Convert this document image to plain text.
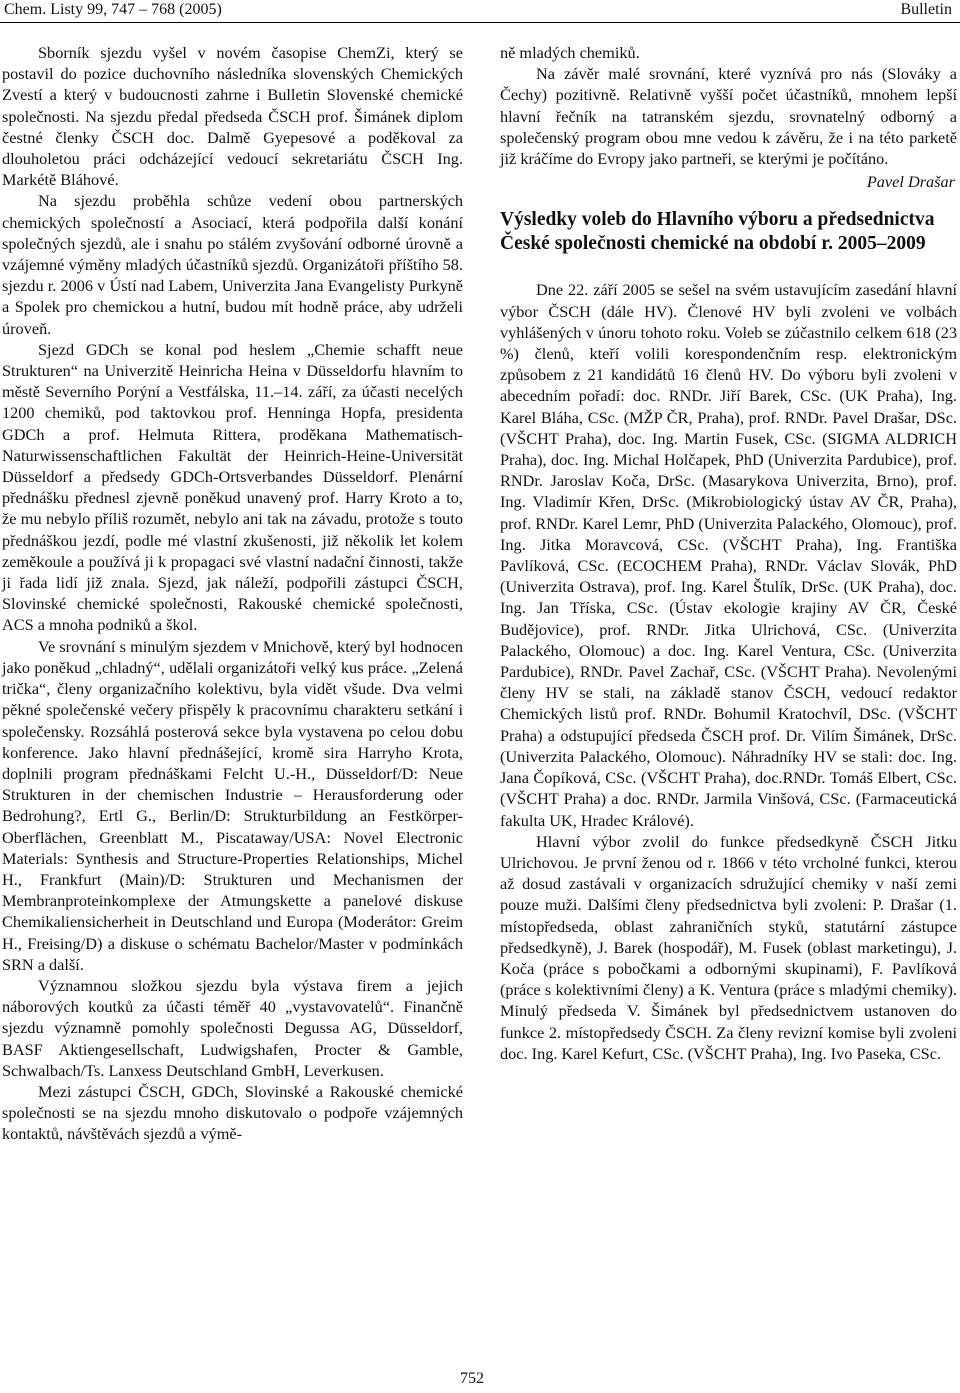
Chem. Listy 99, 747 – 768 (2005)	Bulletin

Sborník sjezdu vyšel v novém časopise ChemZi, který se postavil do pozice duchovního následníka slovenských Chemických Zvestí a který v budoucnosti zahrne i Bulletin Slovenské chemické společnosti. Na sjezdu předal předseda ČSCH prof. Šimánek diplom čestné členky ČSCH doc. Dalmě Gyepesové a poděkoval za dlouholetou práci odcházející vedoucí sekretariátu ČSCH Ing. Markétě Bláhové.

Na sjezdu proběhla schůze vedení obou partnerských chemických společností a Asociací, která podpořila další konání společných sjezdů, ale i snahu po stálém zvyšování odborné úrovně a vzájemné výměny mladých účastníků sjezdů. Organizátoři příštího 58. sjezdu r. 2006 v Ústí nad Labem, Univerzita Jana Evangelisty Purkyně a Spolek pro chemickou a hutní, budou mít hodně práce, aby udrželi úroveň.

Sjezd GDCh se konal pod heslem „Chemie schafft neue Strukturen“ na Univerzitě Heinricha Heina v Düsseldorfu hlavním to městě Severního Porýní a Vestfálska, 11.–14. září, za účasti necelých 1200 chemiků, pod taktovkou prof. Henninga Hopfa, presidenta GDCh a prof. Helmuta Rittera, proděkana Mathematisch-Naturwissenschaftlichen Fakultät der Heinrich-Heine-Universität Düsseldorf a předsedy GDCh-Ortsverbandes Düsseldorf. Plenární přednášku přednesl zjevně poněkud unavený prof. Harry Kroto a to, že mu nebylo příliš rozumět, nebylo ani tak na závadu, protože s touto přednáškou jezdí, podle mé vlastní zkušenosti, již několik let kolem zeměkoule a používá ji k propagaci své vlastní nadační činnosti, takže ji řada lidí již znala. Sjezd, jak náleží, podpořili zástupci ČSCH, Slovinské chemické společnosti, Rakouské chemické společnosti, ACS a mnoha podniků a škol.

Ve srovnání s minulým sjezdem v Mnichově, který byl hodnocen jako poněkud „chladný“, udělali organizátoři velký kus práce. „Zelená trička“, členy organizačního kolektivu, byla vidět všude. Dva velmi pěkné společenské večery přispěly k pracovnímu charakteru setkání i společensky. Rozsáhlá posterová sekce byla vystavena po celou dobu konference. Jako hlavní přednášející, kromě sira Harryho Krota, doplnili program přednáškami Felcht U.-H., Düsseldorf/D: Neue Strukturen in der chemischen Industrie – Herausforderung oder Bedrohung?, Ertl G., Berlin/D: Strukturbildung an Festkörper-Oberflächen, Greenblatt M., Piscataway/USA: Novel Electronic Materials: Synthesis and Structure-Properties Relationships, Michel H., Frankfurt (Main)/D: Strukturen und Mechanismen der Membranproteinkomplexe der Atmungskette a panelové diskuse Chemikaliensicherheit in Deutschland und Europa (Moderátor: Greim H., Freising/D) a diskuse o schématu Bachelor/Master v podmínkách SRN a další.

Významnou složkou sjezdu byla výstava firem a jejich náborových koutků za účasti téměř 40 „vystavovatelů“. Finančně sjezdu významně pomohly společnosti Degussa AG, Düsseldorf, BASF Aktiengesellschaft, Ludwigshafen, Procter & Gamble, Schwalbach/Ts. Lanxess Deutschland GmbH, Leverkusen.

Mezi zástupci ČSCH, GDCh, Slovinské a Rakouské chemické společnosti se na sjezdu mnoho diskutovalo o podpoře vzájemných kontaktů, návštěvách sjezdů a výmě-

ně mladých chemiků.

Na závěr malé srovnání, které vyznívá pro nás (Slováky a Čechy) pozitivně. Relativně vyšší počet účastníků, mnohem lepší hlavní řečník na tatranském sjezdu, srovnatelný odborný a společenský program obou mne vedou k závěru, že i na této parketě již kráčíme do Evropy jako partneři, se kterými je počítáno.

Pavel Drašar
Výsledky voleb do Hlavního výboru a předsednictva České společnosti chemické na období r. 2005–2009

Dne 22. září 2005 se sešel na svém ustavujícím zasedání hlavní výbor ČSCH (dále HV). Členové HV byli zvoleni ve volbách vyhlášených v únoru tohoto roku. Voleb se zúčastnilo celkem 618 (23 %) členů, kteří volili korespondenčním resp. elektronickým způsobem z 21 kandidátů 16 členů HV. Do výboru byli zvoleni v abecedním pořadí: doc. RNDr. Jiří Barek, CSc. (UK Praha), Ing. Karel Bláha, CSc. (MŽP ČR, Praha), prof. RNDr. Pavel Drašar, DSc. (VŠCHT Praha), doc. Ing. Martin Fusek, CSc. (SIGMA ALDRICH Praha), doc. Ing. Michal Holčapek, PhD (Univerzita Pardubice), prof. RNDr. Jaroslav Koča, DrSc. (Masarykova Univerzita, Brno), prof. Ing. Vladimír Křen, DrSc. (Mikrobiologický ústav AV ČR, Praha), prof. RNDr. Karel Lemr, PhD (Univerzita Palackého, Olomouc), prof. Ing. Jitka Moravcová, CSc. (VŠCHT Praha), Ing. Františka Pavlíková, CSc. (ECOCHEM Praha), RNDr. Václav Slovák, PhD (Univerzita Ostrava), prof. Ing. Karel Štulík, DrSc. (UK Praha), doc. Ing. Jan Tříska, CSc. (Ústav ekologie krajiny AV ČR, České Budějovice), prof. RNDr. Jitka Ulrichová, CSc. (Univerzita Palackého, Olomouc) a doc. Ing. Karel Ventura, CSc. (Univerzita Pardubice), RNDr. Pavel Zachař, CSc. (VŠCHT Praha). Nevolenými členy HV se stali, na základě stanov ČSCH, vedoucí redaktor Chemických listů prof. RNDr. Bohumil Kratochvíl, DSc. (VŠCHT Praha) a odstupující předseda ČSCH prof. Dr. Vilím Šimánek, DrSc. (Univerzita Palackého, Olomouc). Náhradníky HV se stali: doc. Ing. Jana Čopíková, CSc. (VŠCHT Praha), doc.RNDr. Tomáš Elbert, CSc. (VŠCHT Praha) a doc. RNDr. Jarmila Vinšová, CSc. (Farmaceutická fakulta UK, Hradec Králové).

Hlavní výbor zvolil do funkce předsedkyně ČSCH Jitku Ulrichovou. Je první ženou od r. 1866 v této vrcholné funkci, kterou až dosud zastávali v organizacích sdružující chemiky v naší zemi pouze muži. Dalšími členy předsednictva byli zvoleni: P. Drašar (1. místopředseda, oblast zahraničních styků, statutární zástupce předsedkyně), J. Barek (hospodář), M. Fusek (oblast marketingu), J. Koča (práce s pobočkami a odbornými skupinami), F. Pavlíková (práce s kolektivními členy) a K. Ventura (práce s mladými chemiky). Minulý předseda V. Šimánek byl předsednictvem ustanoven do funkce 2. místopředsedy ČSCH. Za členy revizní komise byli zvoleni doc. Ing. Karel Kefurt, CSc. (VŠCHT Praha), Ing. Ivo Paseka, CSc.

752
